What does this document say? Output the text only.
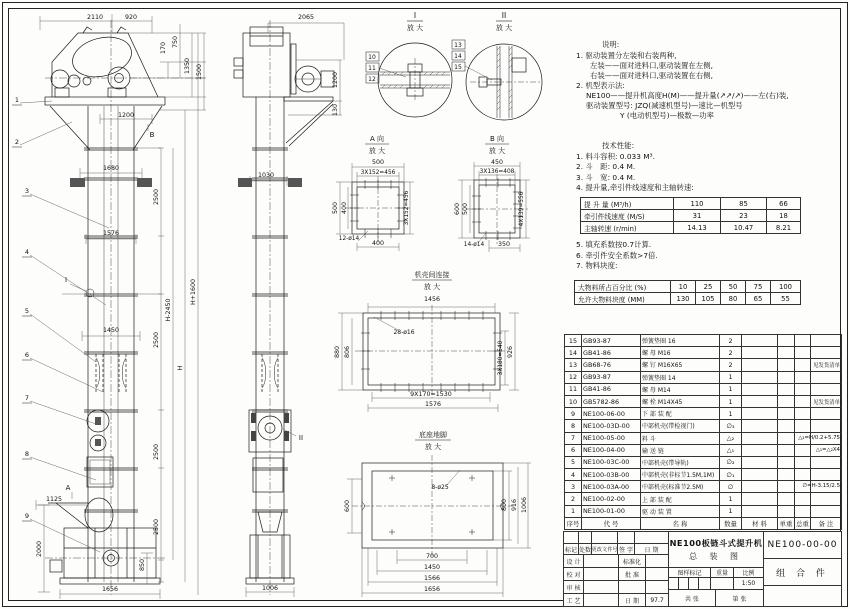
2110	920
170 750
1350 1500
1200
1680
2500
1576
1450
2500
2500
2500
850
1125
2000
1656
H-2450
H
H+1600
1
2
3
4
5
6
7
8
9
B
A
I
2065
1200
130
1030
1006
II
I
放 大
10
11
12
II
放 大
13
14
15
A 向
放 大
500
3X152=456
500 400	3X152=456
400
12-ø14
B 向
放 大
450
3X136=408
600 500	4X139=556
14-ø14 350
机壳间连接
放 大
1456
28-ø16
880 806	3X180=540 926
9X170=1530
1576
底座地脚
放 大
8-ø25
600	800 916 1006
700
1450
1566
1656
说明:
1. 驱动装置分左装和右装两种,
左装——面对进料口,驱动装置在左侧,
右装——面对进料口,驱动装置在右侧,
2. 机型表示法:
NE100——提升机高度H(M)——提升量(↗↗/↗)——左(右)装,
驱动装置型号: JZQ(减速机型号)—速比—机型号
Y (电动机型号)—极数—功率
技术性能:
1. 料斗容积: 0.033 M³.
2. 斗　距: 0.4 M.
3. 斗　宽: 0.4 M.
4. 提升量,牵引件线速度和主轴转速:
提 升 量 (M³/h)	110	85	66
牵引件线速度 (M/S)	31	23	18
主轴转速 (r/min)	14.13	10.47	8.21
5. 填充系数按0.7计算.
6. 牵引件安全系数>7倍.
7. 物料块度:
大物料所占百分比 (%)	10	25	50	75	100
允许大物料块度 (MM)	130	105	80	65	55
15	GB93-87	弹簧垫圈 16	2				

14	GB41-86	螺 母 M16	2				

13	GB68-76	螺 钉 M16X65	2				见发货清单

12	GB93-87	弹簧垫圈 14	1				

11	GB41-86	螺 母 M14	1				

10	GB5782-86	螺 栓 M14X45	1				见发货清单

9	NE100-06-00	下 部 装 配	1				

8	NE100-03D-00	中部机壳(带检视门)	∅₃				

7	NE100-05-00	料 斗	△₂				△₂=H/0.2+5.75

6	NE100-04-00	输 送 链	△₁				△₁=△₂X4

5	NE100-03C-00	中部机壳(带导轨)	∅₂				

4	NE100-03B-00	中部机壳(非标节1.5M,1M)	∅₁				

3	NE100-03A-00	中部机壳(标准节2.5M)	∅				∅=H-3.15/2.5

2	NE100-02-00	上 部 装 配	1				

1	NE100-01-00	驱 动 装 置	1				

序号	代 号	名 称	数量	材 料	单重	总重	备 注
标记 处数 更改文件号 签 字	日 期
设 计	标准化
校 对	批 准
审 核
工 艺	日 期	97.7
NE100板链斗式提升机
总 装 图
图样标记	重量	比例
1:50
共 张	第 张
NE100-00-00
组 合 件
